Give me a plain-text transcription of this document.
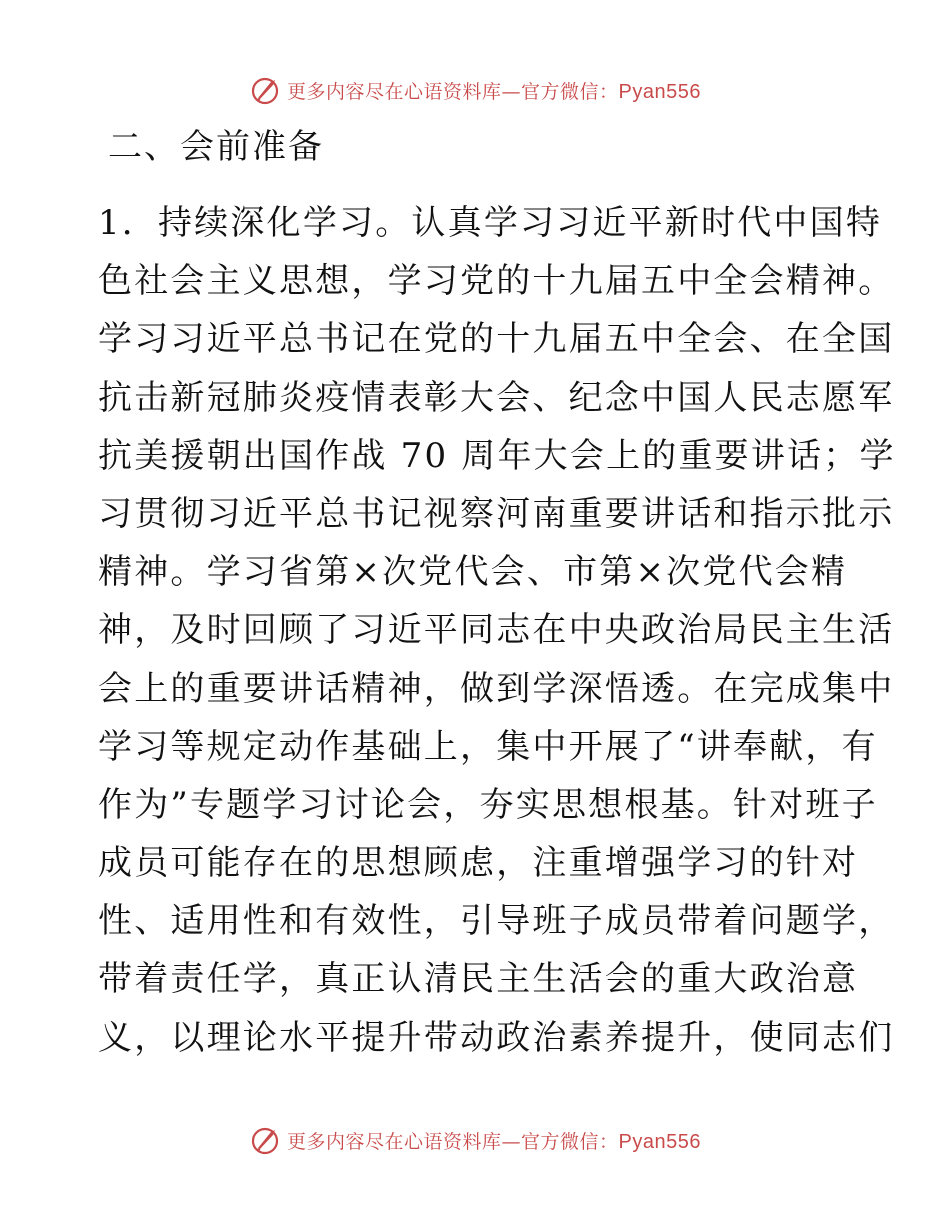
更多内容尽在心语资料库—官方微信：Pyan556
二、会前准备
1．持续深化学习。认真学习习近平新时代中国特
色社会主义思想，学习党的十九届五中全会精神。
学习习近平总书记在党的十九届五中全会、在全国
抗击新冠肺炎疫情表彰大会、纪念中国人民志愿军
抗美援朝出国作战 70 周年大会上的重要讲话；学
习贯彻习近平总书记视察河南重要讲话和指示批示
精神。学习省第×次党代会、市第×次党代会精
神，及时回顾了习近平同志在中央政治局民主生活
会上的重要讲话精神，做到学深悟透。在完成集中
学习等规定动作基础上，集中开展了“讲奉献，有
作为”专题学习讨论会，夯实思想根基。针对班子
成员可能存在的思想顾虑，注重增强学习的针对
性、适用性和有效性，引导班子成员带着问题学，
带着责任学，真正认清民主生活会的重大政治意
义，以理论水平提升带动政治素养提升，使同志们
更多内容尽在心语资料库—官方微信：Pyan556
